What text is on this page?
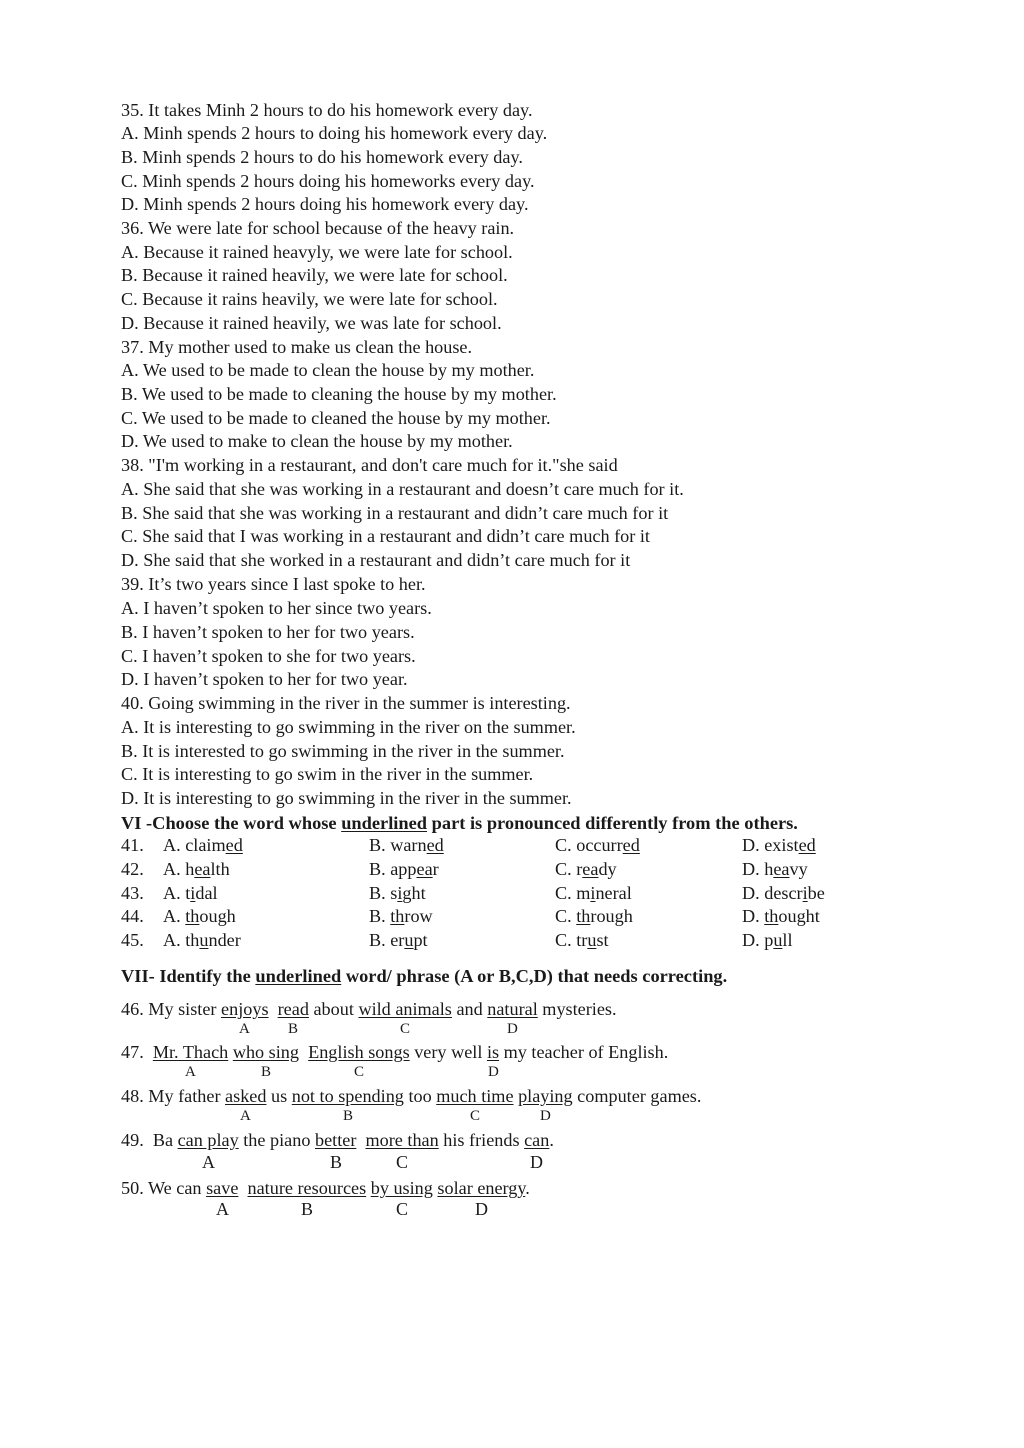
35. It takes Minh 2 hours to do his homework every day.
A. Minh spends 2 hours to doing his homework every day.
B. Minh spends 2 hours to do his homework every day.
C. Minh spends 2 hours doing his homeworks every day.
D. Minh spends 2 hours doing his homework every day.
36. We were late for school because of the heavy rain.
A. Because it rained heavyly, we were late for school.
B. Because it rained heavily, we were late for school.
C. Because it rains heavily, we were late for school.
D. Because it rained heavily, we was late for school.
37. My mother used to make us clean the house.
A. We used to be made to clean the house by my mother.
B. We used to be made to cleaning the house by my mother.
C. We used to be made to cleaned the house by my mother.
D. We used to make to clean the house by my mother.
38. "I'm working in a restaurant, and don't care much for it."she said
A. She said that she was working in a restaurant and doesn’t care much for it.
B. She said that she was working in a restaurant and didn’t care much for it
C. She said that I was working in a restaurant and didn’t care much for it
D. She said that she worked in a restaurant and didn’t care much for it
39. It’s two years since I last spoke to her.
A. I haven’t spoken to her since two years.
B. I haven’t spoken to her for two years.
C. I haven’t spoken to she for two years.
D. I haven’t spoken to her for two year.
40. Going swimming in the river in the summer is interesting.
A. It is interesting to go swimming in the river on the summer.
B. It is interested to go swimming in the river in the summer.
C. It is interesting to go swim in the river in the summer.
D. It is interesting to go swimming in the river in the summer.
VI -Choose the word whose underlined part is pronounced differently from the others.
41. A. claimed	B. warned	C. occurred	D. existed
42. A. health	B. appear	C. ready	D. heavy
43. A. tidal	B. sight	C. mineral	D. describe
44. A. though	B. throw	C. through	D. thought
45. A. thunder	B. erupt	C. trust	D. pull
VII- Identify the underlined word/ phrase (A or B,C,D) that needs correcting.
46. My sister enjoys read about wild animals and natural mysteries.
A	B	C	D
47.  Mr. Thach who sing English songs very well is my teacher of English.
A	B	C	D
48. My father asked us not to spending too much time playing computer games.
A	B	C	D
49.  Ba can play the piano better more than his friends can.
A	B	C	D
50. We can save nature resources by using solar energy.
A	B	C	D
